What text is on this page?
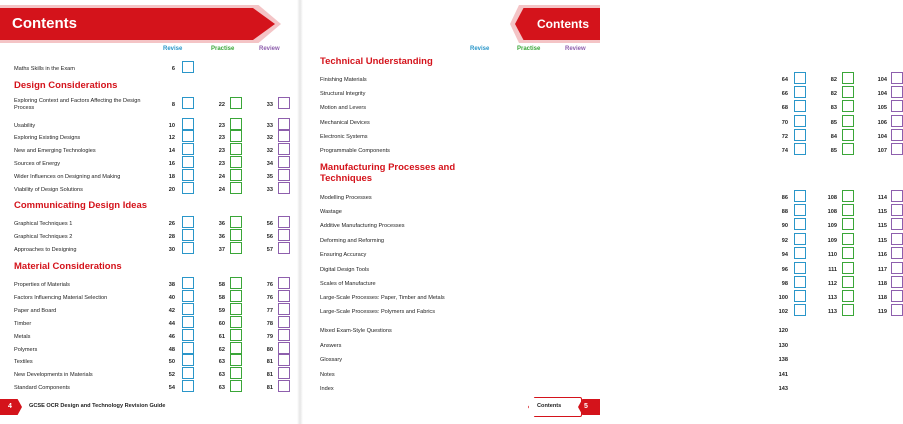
Contents	Contents
Revise	Practise	Review	Revise	Practise	Review
Maths Skills in the Exam	6
Design Considerations
Exploring Context and Factors Affecting the Design Process	8	22	33
Usability	10	23	33
Exploring Existing Designs	12	23	32
New and Emerging Technologies	14	23	32
Sources of Energy	16	23	34
Wider Influences on Designing and Making	18	24	35
Viability of Design Solutions	20	24	33
Communicating Design Ideas
Graphical Techniques 1	26	36	56
Graphical Techniques 2	28	36	56
Approaches to Designing	30	37	57
Material Considerations
Properties of Materials	38	58	76
Factors Influencing Material Selection	40	58	76
Paper and Board	42	59	77
Timber	44	60	78
Metals	46	61	79
Polymers	48	62	80
Textiles	50	63	81
New Developments in Materials	52	63	81
Standard Components	54	63	81
Technical Understanding
Finishing Materials	64	82	104
Structural Integrity	66	82	104
Motion and Levers	68	83	105
Mechanical Devices	70	85	106
Electronic Systems	72	84	104
Programmable Components	74	85	107
Manufacturing Processes and Techniques
Modelling Processes	86	108	114
Wastage	88	108	115
Additive Manufacturing Processes	90	109	115
Deforming and Reforming	92	109	115
Ensuring Accuracy	94	110	116
Digital Design Tools	96	111	117
Scales of Manufacture	98	112	118
Large-Scale Processes: Paper, Timber and Metals	100	113	118
Large-Scale Processes: Polymers and Fabrics	102	113	119
Mixed Exam-Style Questions	120
Answers	130
Glossary	138
Notes	141
Index	143
4	GCSE OCR Design and Technology Revision Guide	Contents	5
